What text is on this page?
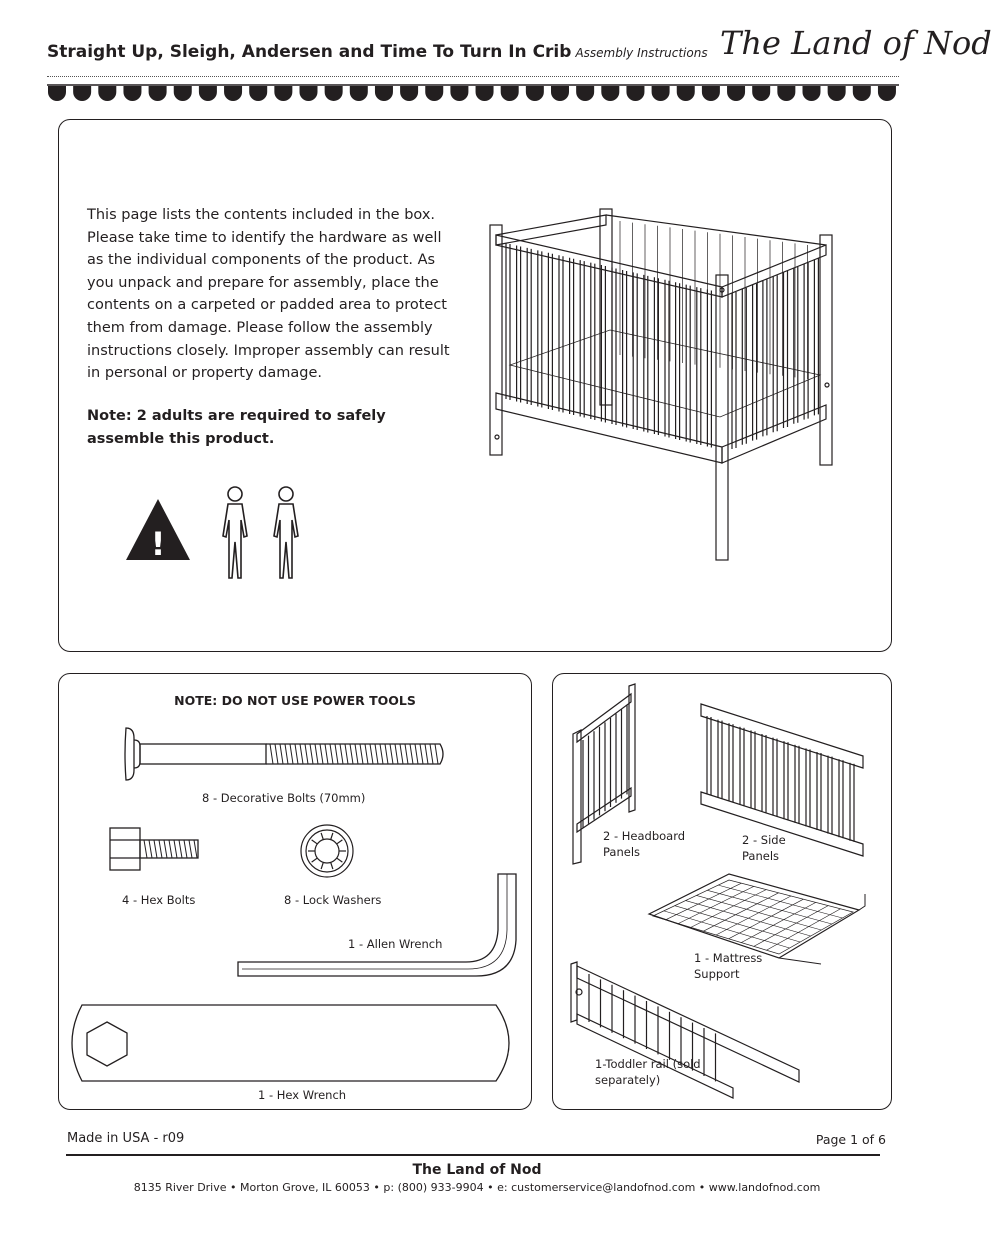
Straight Up, Sleigh, Andersen and Time To Turn In Crib Assembly Instructions The Land of Nod
This page lists the contents included in the box. Please take time to identify the hardware as well as the individual components of the product. As you unpack and prepare for assembly, place the contents on a carpeted or padded area to protect them from damage. Please follow the assembly instructions closely. Improper assembly can result in personal or property damage.
Note: 2 adults are required to safely assemble this product.
!
NOTE: DO NOT USE POWER TOOLS
8 - Decorative Bolts (70mm)
4 - Hex Bolts	8 - Lock Washers
1 - Allen Wrench
1 - Hex Wrench
2 - Headboard Panels
2 - Side Panels
1 - Mattress Support
1-Toddler rail (sold separately)
Made in USA - r09	Page 1 of 6
The Land of Nod
8135 River Drive • Morton Grove, IL 60053 • p: (800) 933-9904 • e: customerservice@landofnod.com • www.landofnod.com
